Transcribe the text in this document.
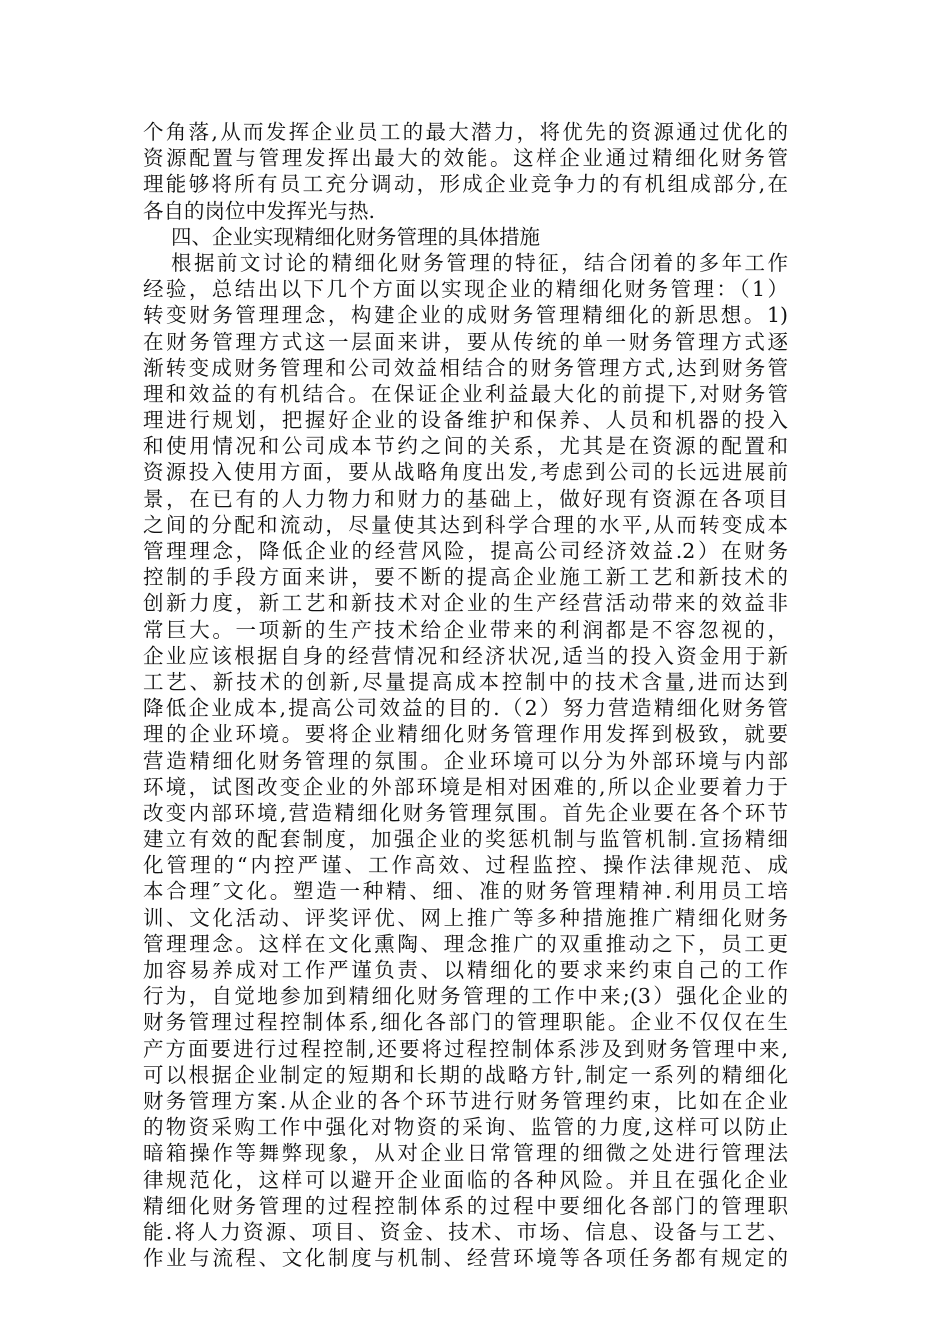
个角落,从而发挥企业员工的最大潜力，将优先的资源通过优化的
资源配置与管理发挥出最大的效能。这样企业通过精细化财务管
理能够将所有员工充分调动，形成企业竞争力的有机组成部分,在
各自的岗位中发挥光与热.
四、企业实现精细化财务管理的具体措施
根据前文讨论的精细化财务管理的特征，结合闭着的多年工作
经验，总结出以下几个方面以实现企业的精细化财务管理：（1）
转变财务管理理念，构建企业的成财务管理精细化的新思想。1)
在财务管理方式这一层面来讲，要从传统的单一财务管理方式逐
渐转变成财务管理和公司效益相结合的财务管理方式,达到财务管
理和效益的有机结合。在保证企业利益最大化的前提下,对财务管
理进行规划，把握好企业的设备维护和保养、人员和机器的投入
和使用情况和公司成本节约之间的关系，尤其是在资源的配置和
资源投入使用方面，要从战略角度出发,考虑到公司的长远进展前
景，在已有的人力物力和财力的基础上，做好现有资源在各项目
之间的分配和流动，尽量使其达到科学合理的水平,从而转变成本
管理理念，降低企业的经营风险，提高公司经济效益.2）在财务
控制的手段方面来讲，要不断的提高企业施工新工艺和新技术的
创新力度，新工艺和新技术对企业的生产经营活动带来的效益非
常巨大。一项新的生产技术给企业带来的利润都是不容忽视的，
企业应该根据自身的经营情况和经济状况,适当的投入资金用于新
工艺、新技术的创新,尽量提高成本控制中的技术含量,进而达到
降低企业成本,提高公司效益的目的.（2）努力营造精细化财务管
理的企业环境。要将企业精细化财务管理作用发挥到极致，就要
营造精细化财务管理的氛围。企业环境可以分为外部环境与内部
环境，试图改变企业的外部环境是相对困难的,所以企业要着力于
改变内部环境,营造精细化财务管理氛围。首先企业要在各个环节
建立有效的配套制度，加强企业的奖惩机制与监管机制.宣扬精细
化管理的“内控严谨、工作高效、过程监控、操作法律规范、成
本合理″文化。塑造一种精、细、准的财务管理精神.利用员工培
训、文化活动、评奖评优、网上推广等多种措施推广精细化财务
管理理念。这样在文化熏陶、理念推广的双重推动之下，员工更
加容易养成对工作严谨负责、以精细化的要求来约束自己的工作
行为，自觉地参加到精细化财务管理的工作中来;(3）强化企业的
财务管理过程控制体系,细化各部门的管理职能。企业不仅仅在生
产方面要进行过程控制,还要将过程控制体系涉及到财务管理中来,
可以根据企业制定的短期和长期的战略方针,制定一系列的精细化
财务管理方案.从企业的各个环节进行财务管理约束，比如在企业
的物资采购工作中强化对物资的采询、监管的力度,这样可以防止
暗箱操作等舞弊现象，从对企业日常管理的细微之处进行管理法
律规范化，这样可以避开企业面临的各种风险。并且在强化企业
精细化财务管理的过程控制体系的过程中要细化各部门的管理职
能.将人力资源、项目、资金、技术、市场、信息、设备与工艺、
作业与流程、文化制度与机制、经营环境等各项任务都有规定的
